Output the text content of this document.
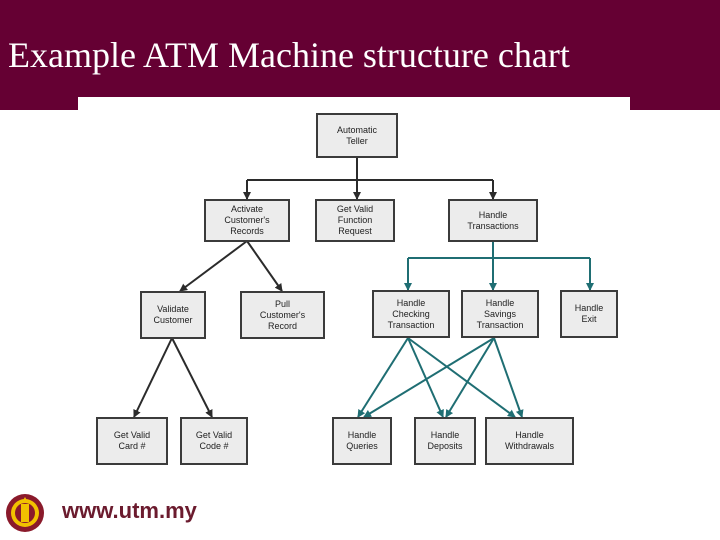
Example ATM Machine structure chart
Automatic
Teller
Activate
Customer's
Records
Get Valid
Function
Request
Handle
Transactions
Validate
Customer
Pull
Customer's
Record
Handle
Checking
Transaction
Handle
Savings
Transaction
Handle
Exit
Get Valid
Card #
Get Valid
Code #
Handle
Queries
Handle
Deposits
Handle
Withdrawals
www.utm.my
